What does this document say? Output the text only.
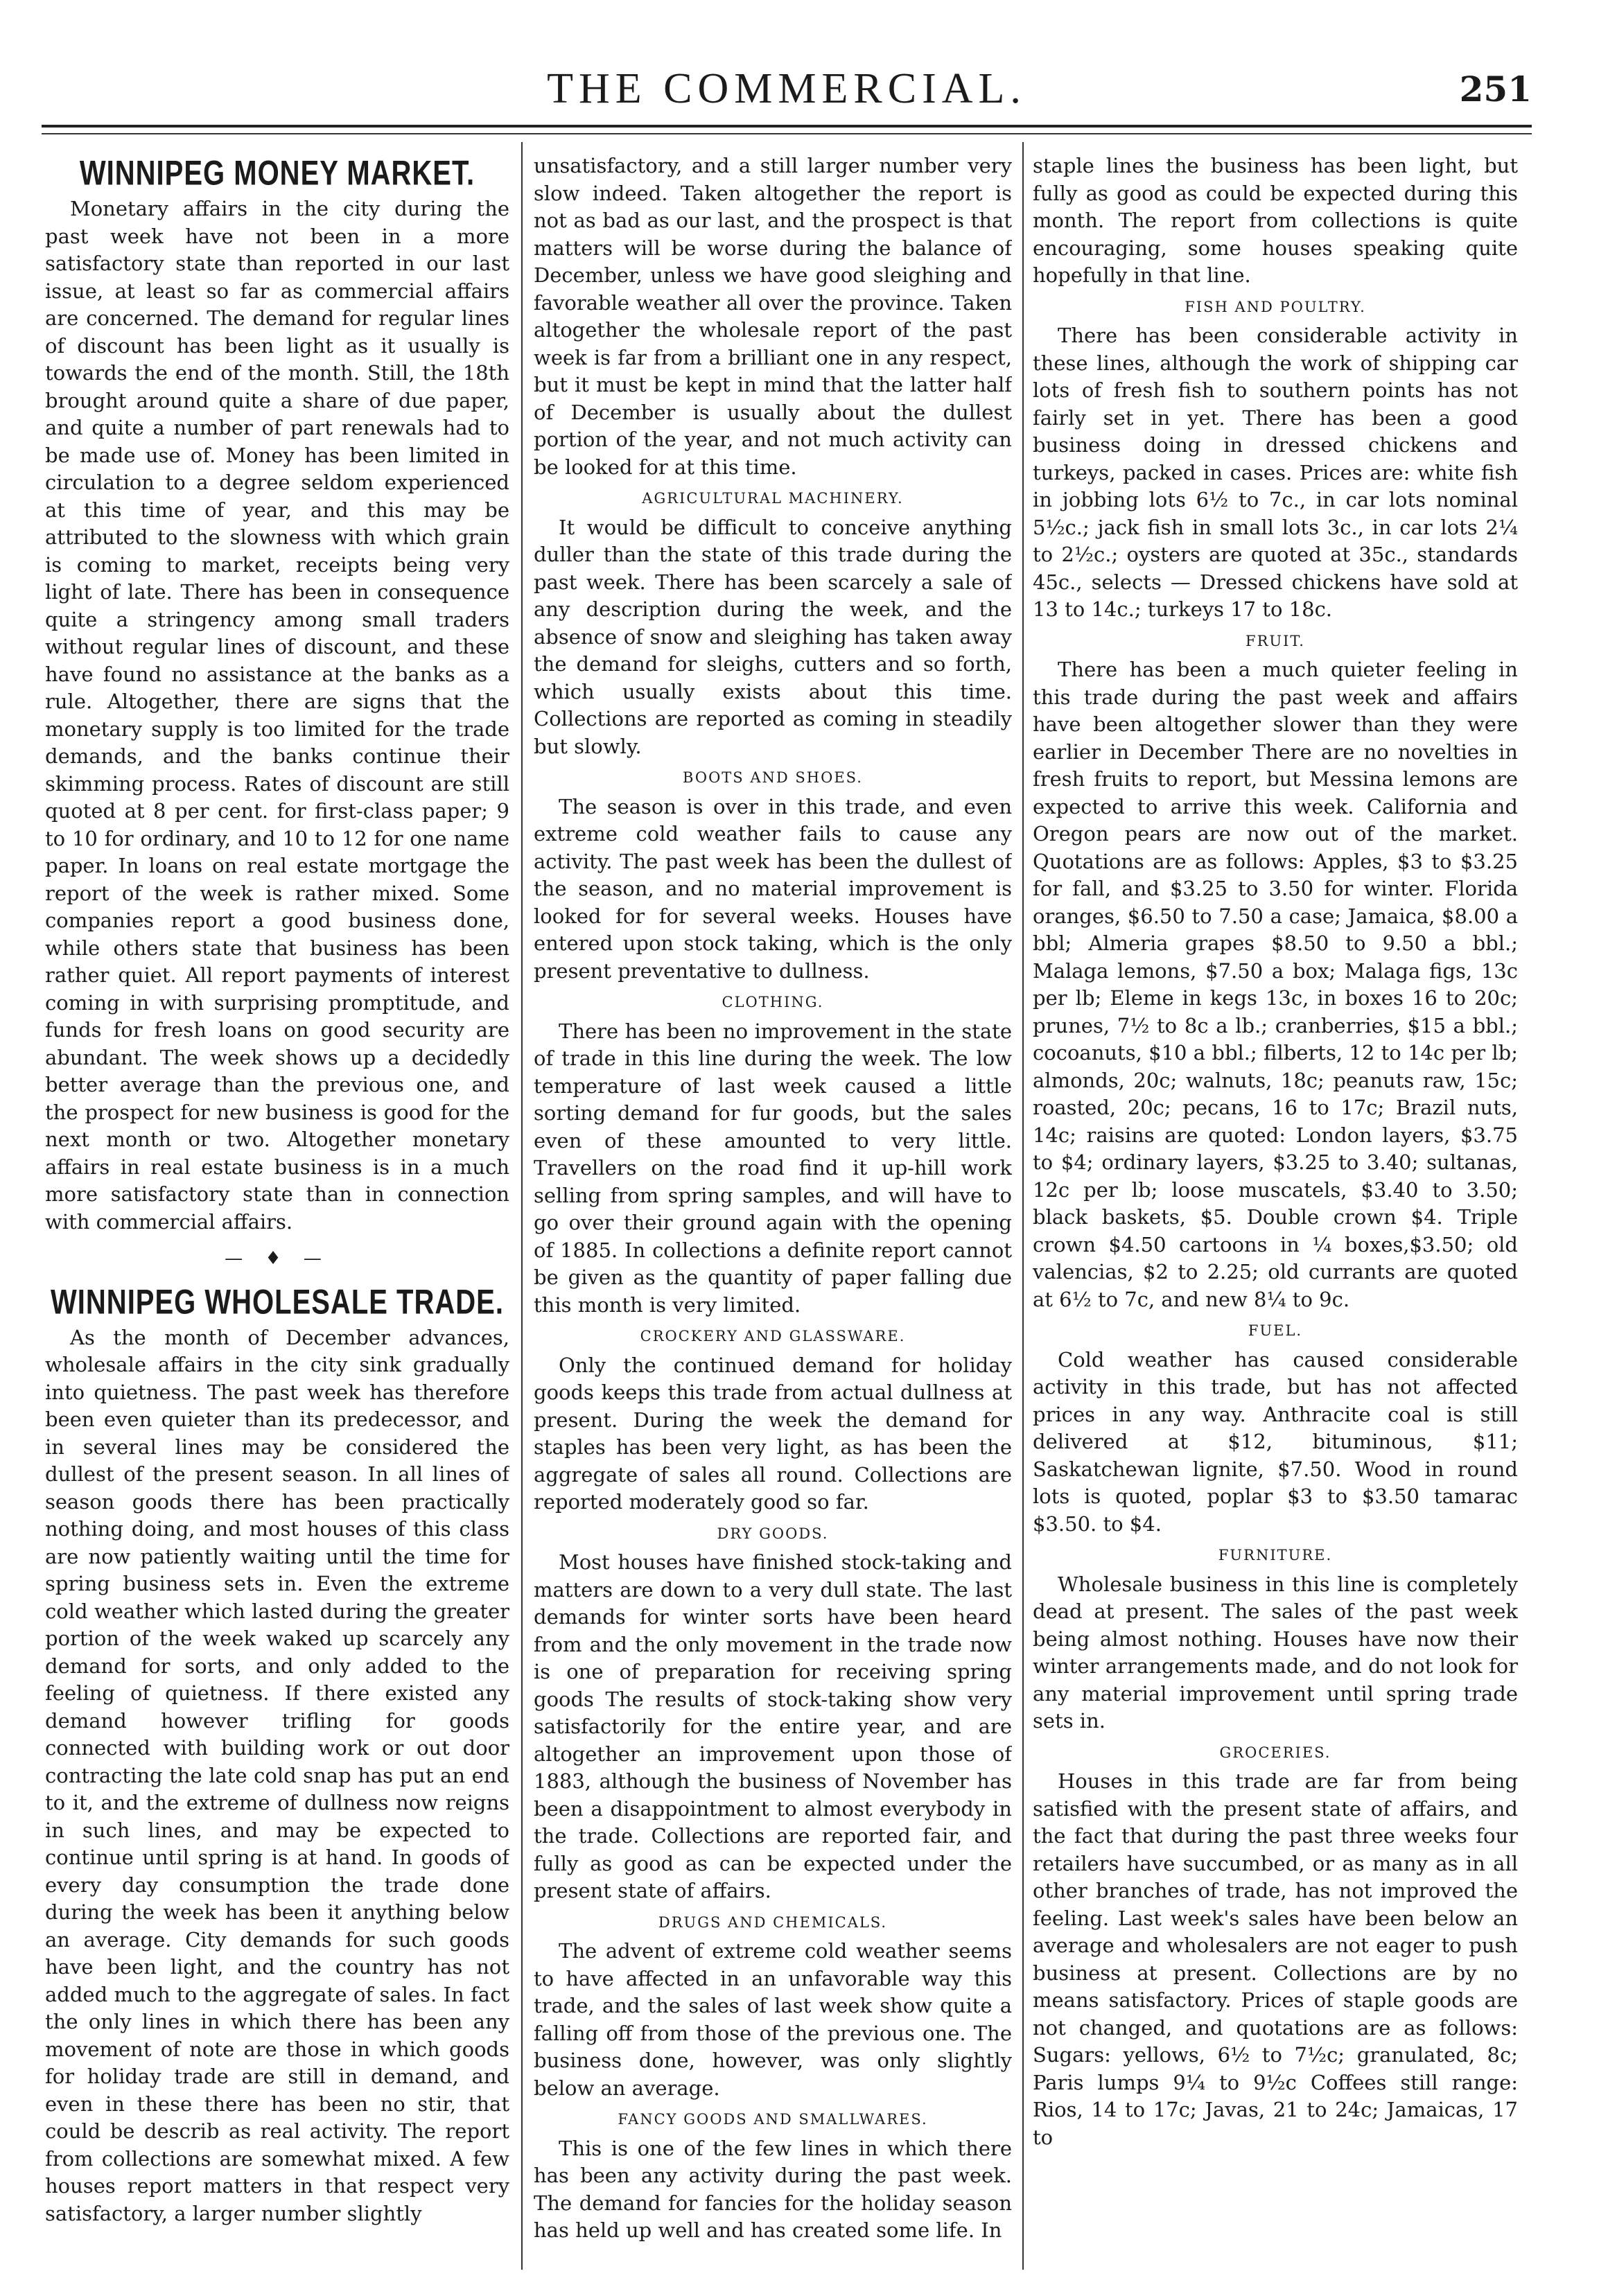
THE COMMERCIAL.	251
WINNIPEG MONEY MARKET.

Monetary affairs in the city during the past week have not been in a more satisfactory state than reported in our last issue, at least so far as commercial affairs are concerned. The demand for regular lines of discount has been light as it usually is towards the end of the month. Still, the 18th brought around quite a share of due paper, and quite a number of part renewals had to be made use of. Money has been limited in circulation to a degree seldom experienced at this time of year, and this may be attributed to the slowness with which grain is coming to market, receipts being very light of late. There has been in consequence quite a stringency among small traders without regular lines of discount, and these have found no assistance at the banks as a rule. Altogether, there are signs that the monetary supply is too limited for the trade demands, and the banks continue their skimming process. Rates of discount are still quoted at 8 per cent. for first-class paper; 9 to 10 for ordinary, and 10 to 12 for one name paper. In loans on real estate mortgage the report of the week is rather mixed. Some companies report a good business done, while others state that business has been rather quiet. All report payments of interest coming in with surprising promptitude, and funds for fresh loans on good security are abundant. The week shows up a decidedly better average than the previous one, and the prospect for new business is good for the next month or two. Altogether monetary affairs in real estate business is in a much more satisfactory state than in connection with commercial affairs.

— ♦ —
WINNIPEG WHOLESALE TRADE.

As the month of December advances, wholesale affairs in the city sink gradually into quietness. The past week has therefore been even quieter than its predecessor, and in several lines may be considered the dullest of the present season. In all lines of season goods there has been practically nothing doing, and most houses of this class are now patiently waiting until the time for spring business sets in. Even the extreme cold weather which lasted during the greater portion of the week waked up scarcely any demand for sorts, and only added to the feeling of quietness. If there existed any demand however trifling for goods connected with building work or out door contracting the late cold snap has put an end to it, and the extreme of dullness now reigns in such lines, and may be expected to continue until spring is at hand. In goods of every day consumption the trade done during the week has been it anything below an average. City demands for such goods have been light, and the country has not added much to the aggregate of sales. In fact the only lines in which there has been any movement of note are those in which goods for holiday trade are still in demand, and even in these there has been no stir, that could be describ as real activity. The report from collections are somewhat mixed. A few houses report matters in that respect very satisfactory, a larger number slightly

unsatisfactory, and a still larger number very slow indeed. Taken altogether the report is not as bad as our last, and the prospect is that matters will be worse during the balance of December, unless we have good sleighing and favorable weather all over the province. Taken altogether the wholesale report of the past week is far from a brilliant one in any respect, but it must be kept in mind that the latter half of December is usually about the dullest portion of the year, and not much activity can be looked for at this time.

AGRICULTURAL MACHINERY.

It would be difficult to conceive anything duller than the state of this trade during the past week. There has been scarcely a sale of any description during the week, and the absence of snow and sleighing has taken away the demand for sleighs, cutters and so forth, which usually exists about this time. Collections are reported as coming in steadily but slowly.

BOOTS AND SHOES.

The season is over in this trade, and even extreme cold weather fails to cause any activity. The past week has been the dullest of the season, and no material improvement is looked for for several weeks. Houses have entered upon stock taking, which is the only present preventative to dullness.

CLOTHING.

There has been no improvement in the state of trade in this line during the week. The low temperature of last week caused a little sorting demand for fur goods, but the sales even of these amounted to very little. Travellers on the road find it up-hill work selling from spring samples, and will have to go over their ground again with the opening of 1885. In collections a definite report cannot be given as the quantity of paper falling due this month is very limited.

CROCKERY AND GLASSWARE.

Only the continued demand for holiday goods keeps this trade from actual dullness at present. During the week the demand for staples has been very light, as has been the aggregate of sales all round. Collections are reported moderately good so far.

DRY GOODS.

Most houses have finished stock-taking and matters are down to a very dull state. The last demands for winter sorts have been heard from and the only movement in the trade now is one of preparation for receiving spring goods The results of stock-taking show very satisfactorily for the entire year, and are altogether an improvement upon those of 1883, although the business of November has been a disappointment to almost everybody in the trade. Collections are reported fair, and fully as good as can be expected under the present state of affairs.

DRUGS AND CHEMICALS.

The advent of extreme cold weather seems to have affected in an unfavorable way this trade, and the sales of last week show quite a falling off from those of the previous one. The business done, however, was only slightly below an average.

FANCY GOODS AND SMALLWARES.

This is one of the few lines in which there has been any activity during the past week. The demand for fancies for the holiday season has held up well and has created some life. In

staple lines the business has been light, but fully as good as could be expected during this month. The report from collections is quite encouraging, some houses speaking quite hopefully in that line.

FISH AND POULTRY.

There has been considerable activity in these lines, although the work of shipping car lots of fresh fish to southern points has not fairly set in yet. There has been a good business doing in dressed chickens and turkeys, packed in cases. Prices are: white fish in jobbing lots 6½ to 7c., in car lots nominal 5½c.; jack fish in small lots 3c., in car lots 2¼ to 2½c.; oysters are quoted at 35c., standards 45c., selects — Dressed chickens have sold at 13 to 14c.; turkeys 17 to 18c.

FRUIT.

There has been a much quieter feeling in this trade during the past week and affairs have been altogether slower than they were earlier in December There are no novelties in fresh fruits to report, but Messina lemons are expected to arrive this week. California and Oregon pears are now out of the market. Quotations are as follows: Apples, $3 to $3.25 for fall, and $3.25 to 3.50 for winter. Florida oranges, $6.50 to 7.50 a case; Jamaica, $8.00 a bbl; Almeria grapes $8.50 to 9.50 a bbl.; Malaga lemons, $7.50 a box; Malaga figs, 13c per lb; Eleme in kegs 13c, in boxes 16 to 20c; prunes, 7½ to 8c a lb.; cranberries, $15 a bbl.; cocoanuts, $10 a bbl.; filberts, 12 to 14c per lb; almonds, 20c; walnuts, 18c; peanuts raw, 15c; roasted, 20c; pecans, 16 to 17c; Brazil nuts, 14c; raisins are quoted: London layers, $3.75 to $4; ordinary layers, $3.25 to 3.40; sultanas, 12c per lb; loose muscatels, $3.40 to 3.50; black baskets, $5. Double crown $4. Triple crown $4.50 cartoons in ¼ boxes,$3.50; old valencias, $2 to 2.25; old currants are quoted at 6½ to 7c, and new 8¼ to 9c.

FUEL.

Cold weather has caused considerable activity in this trade, but has not affected prices in any way. Anthracite coal is still delivered at $12, bituminous, $11; Saskatchewan lignite, $7.50. Wood in round lots is quoted, poplar $3 to $3.50 tamarac $3.50. to $4.

FURNITURE.

Wholesale business in this line is completely dead at present. The sales of the past week being almost nothing. Houses have now their winter arrangements made, and do not look for any material improvement until spring trade sets in.

GROCERIES.

Houses in this trade are far from being satisfied with the present state of affairs, and the fact that during the past three weeks four retailers have succumbed, or as many as in all other branches of trade, has not improved the feeling. Last week's sales have been below an average and wholesalers are not eager to push business at present. Collections are by no means satisfactory. Prices of staple goods are not changed, and quotations are as follows: Sugars: yellows, 6½ to 7½c; granulated, 8c; Paris lumps 9¼ to 9½c Coffees still range: Rios, 14 to 17c; Javas, 21 to 24c; Jamaicas, 17 to
